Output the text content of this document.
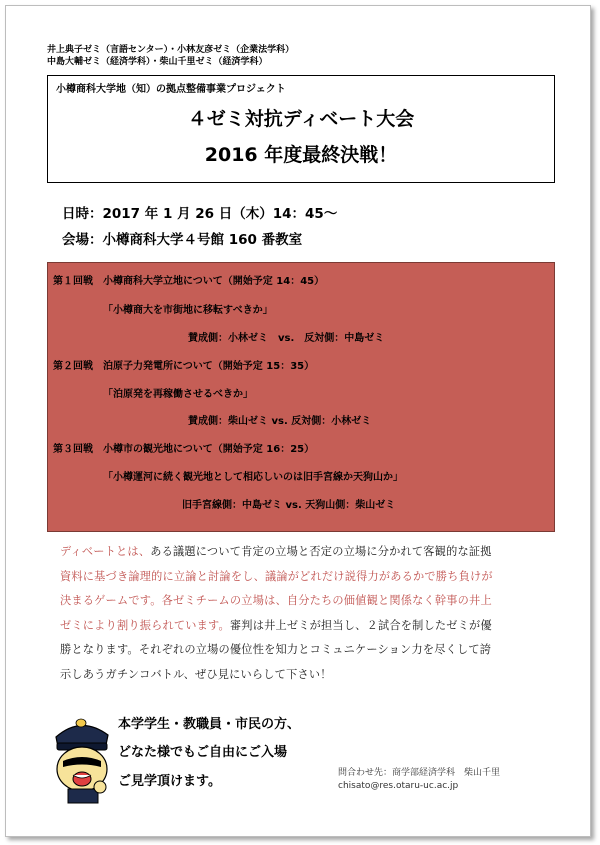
井上典子ゼミ（言語センター）・小林友彦ゼミ（企業法学科）
中島大輔ゼミ（経済学科）・柴山千里ゼミ（経済学科）
小樽商科大学地（知）の拠点整備事業プロジェクト
４ゼミ対抗ディベート大会
2016 年度最終決戦！
日時：2017 年 1 月 26 日（木）14：45〜
会場：小樽商科大学４号館 160 番教室
第１回戦　小樽商科大学立地について（開始予定 14：45）
「小樽商大を市街地に移転すべきか」
賛成側：小林ゼミ　vs.　反対側：中島ゼミ
第２回戦　泊原子力発電所について（開始予定 15：35）
「泊原発を再稼働させるべきか」
賛成側：柴山ゼミ vs. 反対側：小林ゼミ
第３回戦　小樽市の観光地について（開始予定 16：25）
「小樽運河に続く観光地として相応しいのは旧手宮線か天狗山か」
旧手宮線側：中島ゼミ vs. 天狗山側：柴山ゼミ
ディベートとは、ある議題について肯定の立場と否定の立場に分かれて客観的な証拠
資料に基づき論理的に立論と討論をし、議論がどれだけ説得力があるかで勝ち負けが
決まるゲームです。各ゼミチームの立場は、自分たちの価値観と関係なく幹事の井上
ゼミにより割り振られています。審判は井上ゼミが担当し、２試合を制したゼミが優
勝となります。それぞれの立場の優位性を知力とコミュニケーション力を尽くして誇
示しあうガチンコバトル、ぜひ見にいらして下さい！
本学学生・教職員・市民の方、
どなた様でもご自由にご入場
ご見学頂けます。
問合わせ先：商学部経済学科　柴山千里
chisato@res.otaru-uc.ac.jp
